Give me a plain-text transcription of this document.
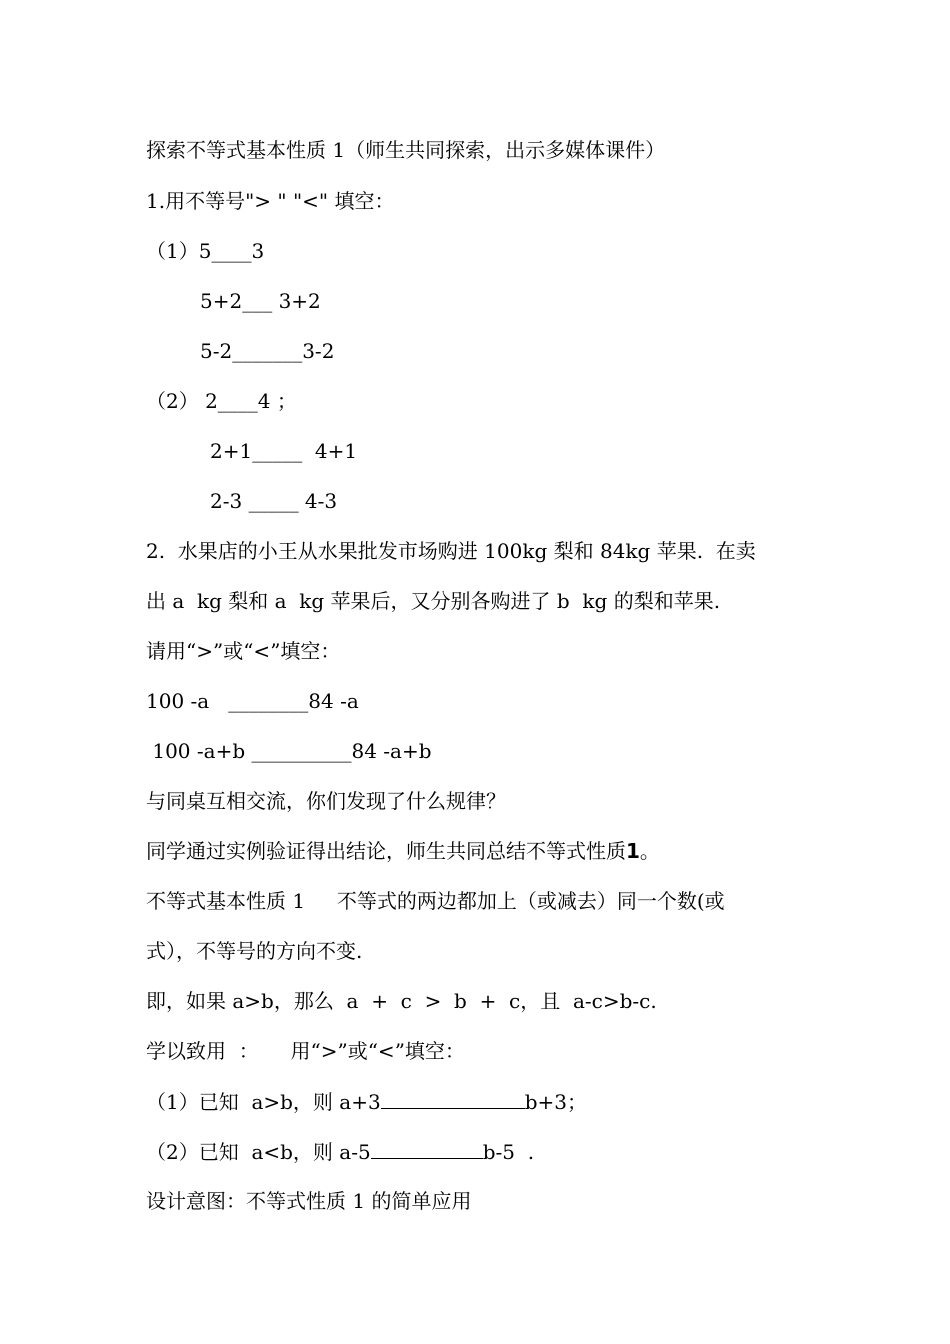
探索不等式基本性质 1（师生共同探索，出示多媒体课件）
1.用不等号"> " "<" 填空：
（1）5____3
5+2___ 3+2
5-2_______3-2
（2） 2____4 ；
2+1_____  4+1
2-3 _____ 4-3
2.  水果店的小王从水果批发市场购进 100kg 梨和 84kg 苹果.  在卖
出 a  kg 梨和 a  kg 苹果后，又分别各购进了 b  kg 的梨和苹果.
请用“>”或“<”填空：
100 -a   ________84 -a
100 -a+b __________84 -a+b
与同桌互相交流，你们发现了什么规律？
同学通过实例验证得出结论，师生共同总结不等式性质1。
不等式基本性质 1     不等式的两边都加上（或减去）同一个数(或
式），不等号的方向不变.
即，如果 a>b，那么  a  +  c  >  b  +  c，且  a-c>b-c.
学以致用  ：     用“>”或“<”填空：
（1）已知  a>b，则 a+3	b+3；
（2）已知  a<b，则 a-5	b-5  .
设计意图：不等式性质 1 的简单应用
